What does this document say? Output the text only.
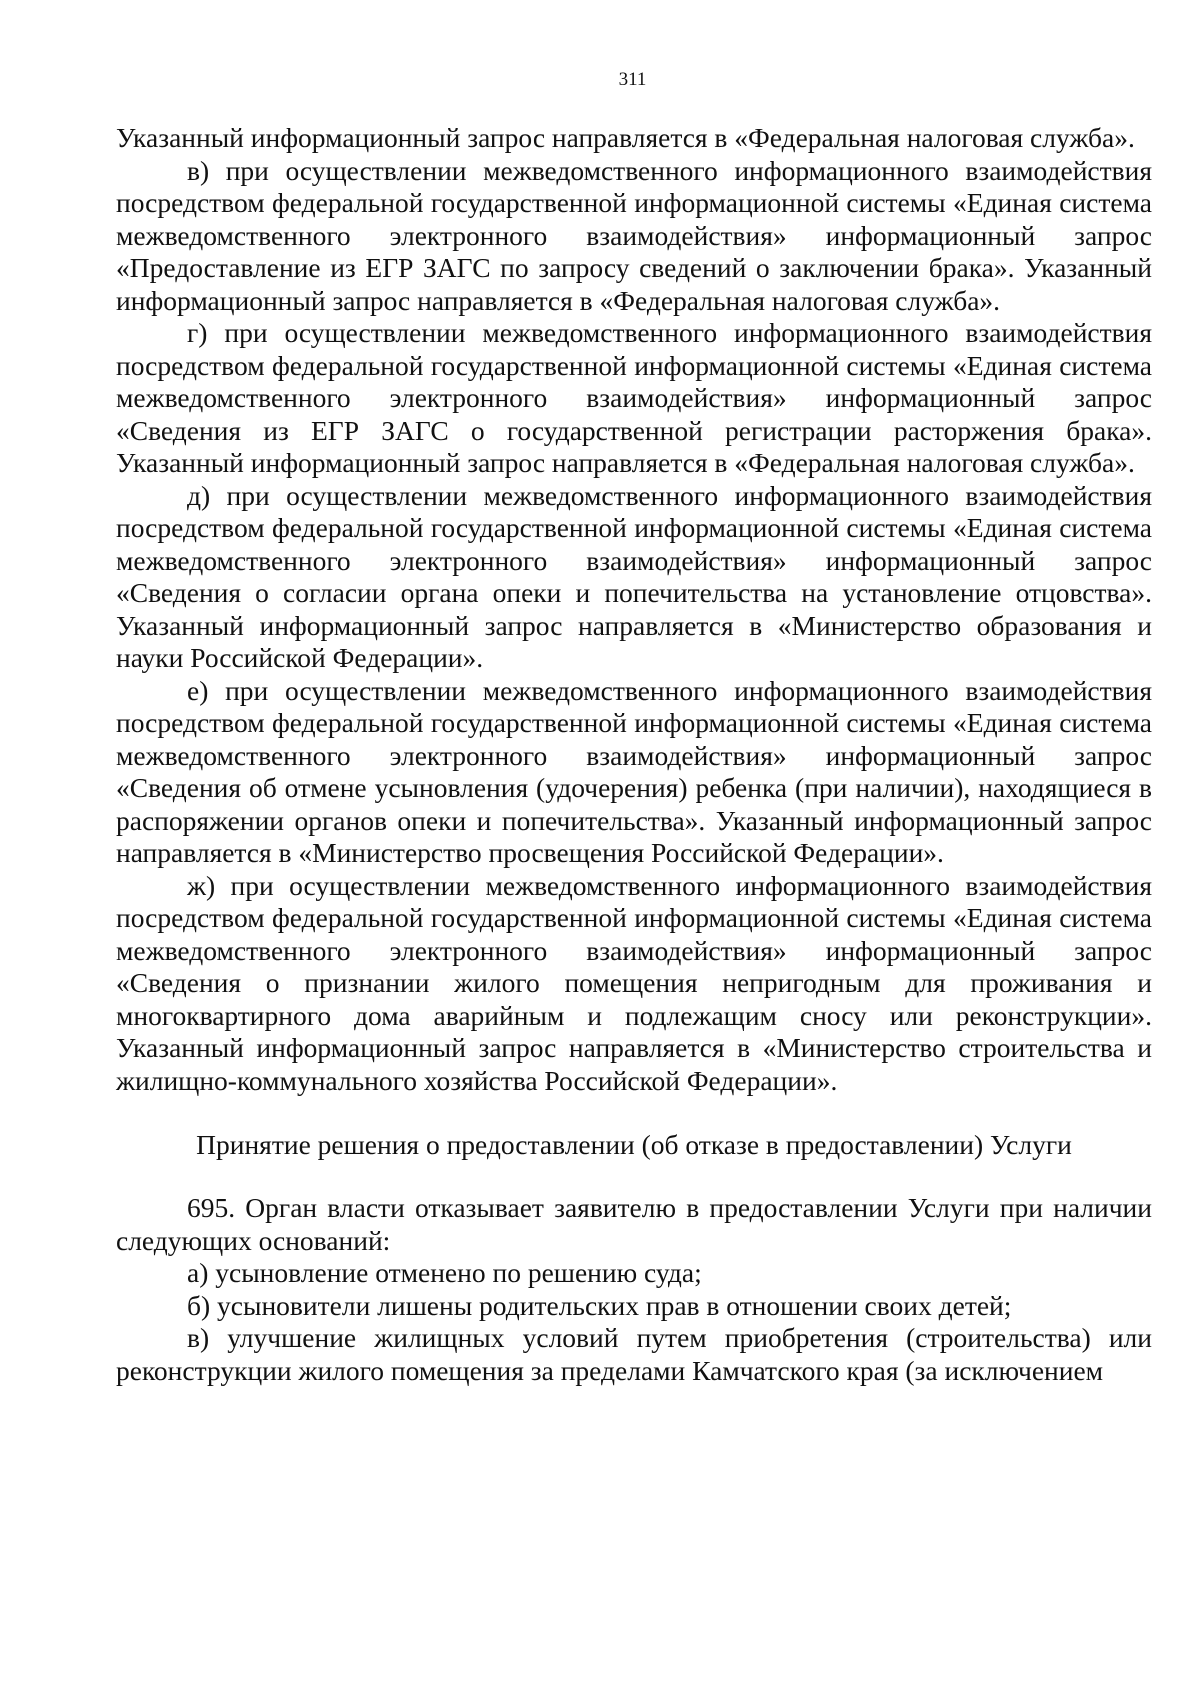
311

Указанный информационный запрос направляется в «Федеральная налоговая служба».

в) при осуществлении межведомственного информационного взаимодействия посредством федеральной государственной информационной системы «Единая система межведомственного электронного взаимодействия» информационный запрос «Предоставление из ЕГР ЗАГС по запросу сведений о заключении брака». Указанный информационный запрос направляется в «Федеральная налоговая служба».

г) при осуществлении межведомственного информационного взаимодействия посредством федеральной государственной информационной системы «Единая система межведомственного электронного взаимодействия» информационный запрос «Сведения из ЕГР ЗАГС о государственной регистрации расторжения брака». Указанный информационный запрос направляется в «Федеральная налоговая служба».

д) при осуществлении межведомственного информационного взаимодействия посредством федеральной государственной информационной системы «Единая система межведомственного электронного взаимодействия» информационный запрос «Сведения о согласии органа опеки и попечительства на установление отцовства». Указанный информационный запрос направляется в «Министерство образования и науки Российской Федерации».

е) при осуществлении межведомственного информационного взаимодействия посредством федеральной государственной информационной системы «Единая система межведомственного электронного взаимодействия» информационный запрос «Сведения об отмене усыновления (удочерения) ребенка (при наличии), находящиеся в распоряжении органов опеки и попечительства». Указанный информационный запрос направляется в «Министерство просвещения Российской Федерации».

ж) при осуществлении межведомственного информационного взаимодействия посредством федеральной государственной информационной системы «Единая система межведомственного электронного взаимодействия» информационный запрос «Сведения о признании жилого помещения непригодным для проживания и многоквартирного дома аварийным и подлежащим сносу или реконструкции». Указанный информационный запрос направляется в «Министерство строительства и жилищно-коммунального хозяйства Российской Федерации».

Принятие решения о предоставлении (об отказе в предоставлении) Услуги

695. Орган власти отказывает заявителю в предоставлении Услуги при наличии следующих оснований:

а) усыновление отменено по решению суда;

б) усыновители лишены родительских прав в отношении своих детей;

в) улучшение жилищных условий путем приобретения (строительства) или реконструкции жилого помещения за пределами Камчатского края (за исключением
